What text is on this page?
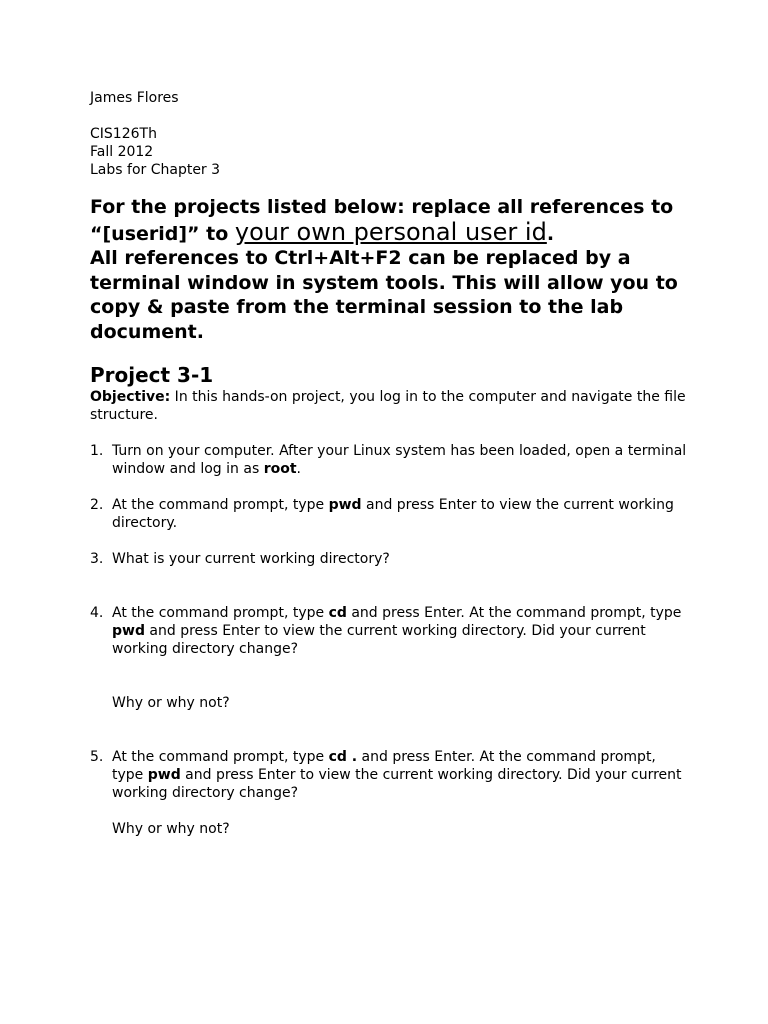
James Flores
CIS126Th
Fall 2012
Labs for Chapter 3
For the projects listed below: replace all references to “[userid]” to your own personal user id.
All references to Ctrl+Alt+F2 can be replaced by a terminal window in system tools. This will allow you to copy & paste from the terminal session to the lab document.
Project 3-1
Objective: In this hands-on project, you log in to the computer and navigate the file structure.
1. Turn on your computer. After your Linux system has been loaded, open a terminal window and log in as root.
2. At the command prompt, type pwd and press Enter to view the current working directory.
3. What is your current working directory?
4. At the command prompt, type cd and press Enter. At the command prompt, type pwd and press Enter to view the current working directory. Did your current working directory change?
Why or why not?
5. At the command prompt, type cd . and press Enter. At the command prompt, type pwd and press Enter to view the current working directory. Did your current working directory change?
Why or why not?
